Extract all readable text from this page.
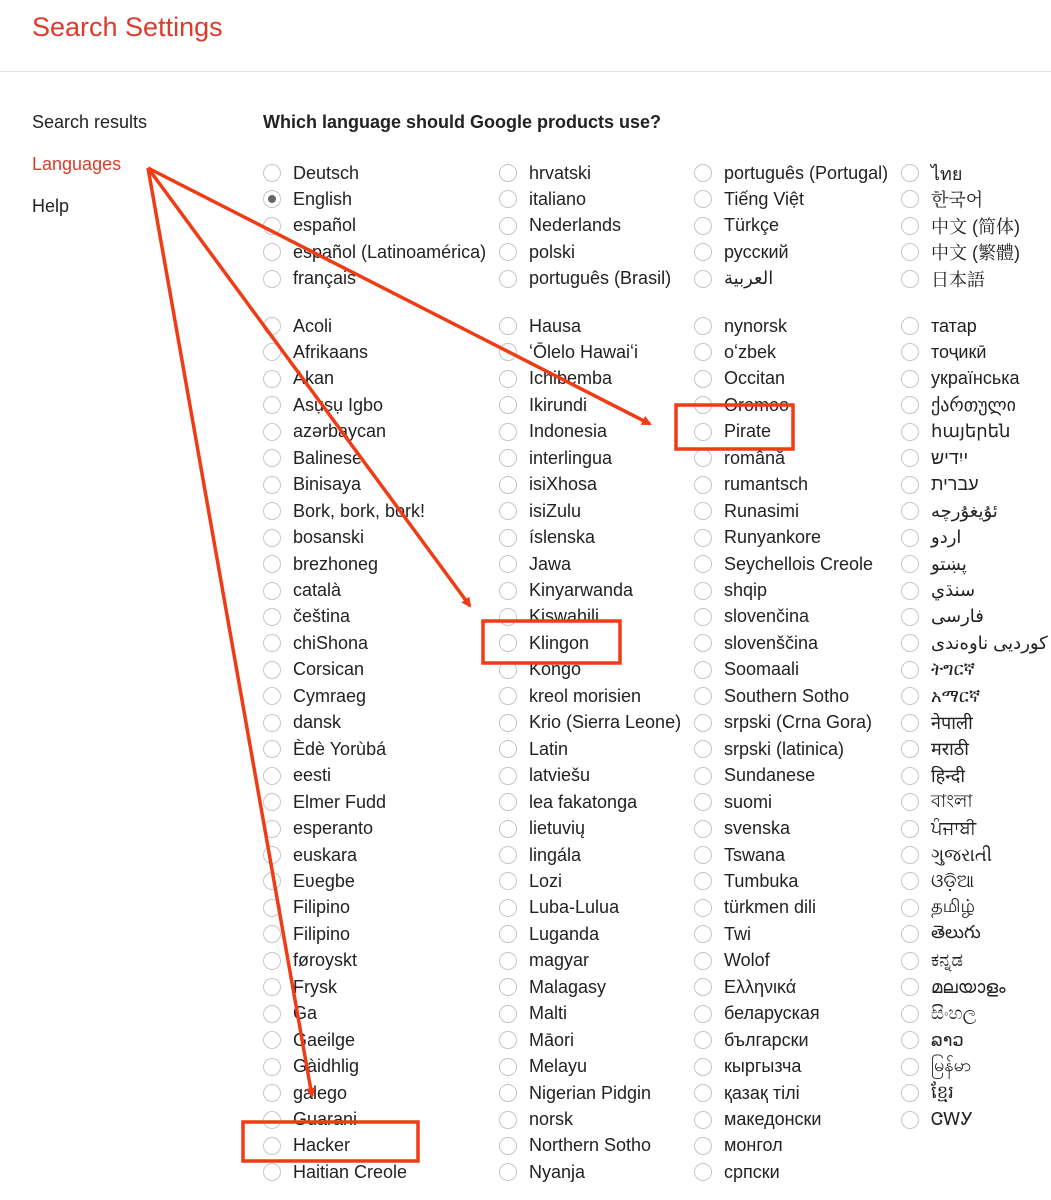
Search Settings
Search results
Languages
Help
Which language should Google products use?
Deutsch
English
español
español (Latinoamérica)
français
hrvatski
italiano
Nederlands
polski
português (Brasil)
português (Portugal)
Tiếng Việt
Türkçe
русский
العربية
ไทย
한국어
中文 (简体)
中文 (繁體)
日本語
Acoli
Afrikaans
Akan
Asụsụ Igbo
azərbaycan
Balinese
Binisaya
Bork, bork, bork!
bosanski
brezhoneg
català
čeština
chiShona
Corsican
Cymraeg
dansk
Èdè Yorùbá
eesti
Elmer Fudd
esperanto
euskara
Eʋegbe
Filipino
Filipino
føroyskt
Frysk
Ga
Gaeilge
Gàidhlig
galego
Guarani
Hacker
Haitian Creole
Hausa
ʻŌlelo Hawaiʻi
Ichibemba
Ikirundi
Indonesia
interlingua
isiXhosa
isiZulu
íslenska
Jawa
Kinyarwanda
Kiswahili
Klingon
Kongo
kreol morisien
Krio (Sierra Leone)
Latin
latviešu
lea fakatonga
lietuvių
lingála
Lozi
Luba-Lulua
Luganda
magyar
Malagasy
Malti
Māori
Melayu
Nigerian Pidgin
norsk
Northern Sotho
Nyanja
nynorsk
oʻzbek
Occitan
Oromoo
Pirate
română
rumantsch
Runasimi
Runyankore
Seychellois Creole
shqip
slovenčina
slovenščina
Soomaali
Southern Sotho
srpski (Crna Gora)
srpski (latinica)
Sundanese
suomi
svenska
Tswana
Tumbuka
türkmen dili
Twi
Wolof
Ελληνικά
беларуская
български
кыргызча
қазақ тілі
македонски
монгол
српски
татар
тоҷикӣ
українська
ქართული
հայերեն
ייִדיש
עברית
ئۇيغۇرچە
اردو
پښتو
سنڌي
فارسی
کوردیی ناوەندی
ትግርኛ
አማርኛ
नेपाली
मराठी
हिन्दी
বাংলা
ਪੰਜਾਬੀ
ગુજરાતી
ଓଡ଼ିଆ
தமிழ்
తెలుగు
ಕನ್ನಡ
മലയാളം
සිංහල
ລາວ
မြန်မာ
ខ្មែរ
ᏣᎳᎩ
